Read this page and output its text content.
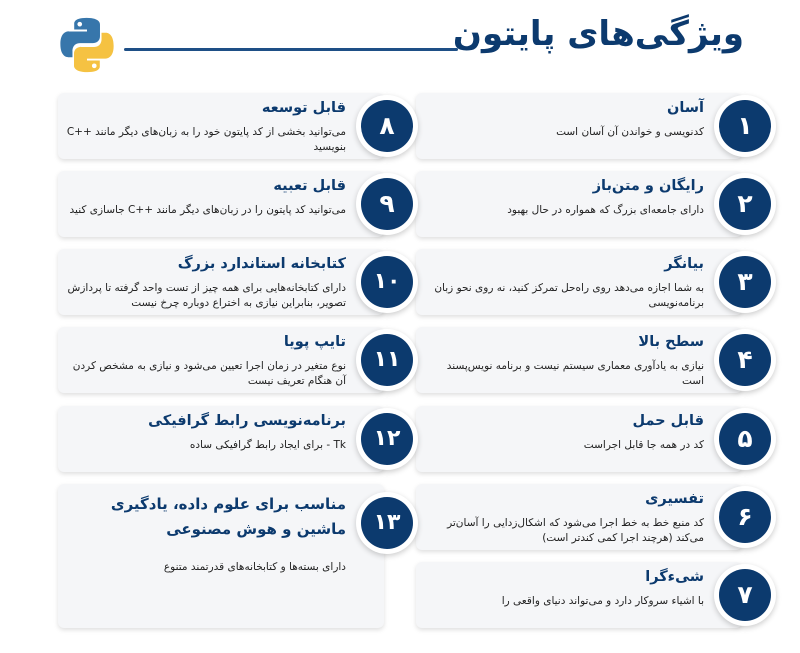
ویژگی‌های پایتون
آسان
کدنویسی و خواندن آن آسان است	۱
رایگان و متن‌باز
دارای جامعه‌ای بزرگ که همواره در حال بهبود	۲
بیانگر
به شما اجازه می‌دهد روی راه‌حل تمرکز کنید، نه روی نحو زبان برنامه‌نویسی
۳
سطح بالا
نیازی به یادآوری معماری سیستم نیست و برنامه نویس‌پسند است
۴
قابل حمل
کد در همه جا قابل اجراست	۵
تفسیری
کد منبع خط به خط اجرا می‌شود که اشکال‌زدایی را آسان‌تر می‌کند (هرچند اجرا کمی کندتر است)
۶
شیءگرا
با اشیاء سروکار دارد و می‌تواند دنیای واقعی را	۷
قابل توسعه
می‌توانید بخشی از کد پایتون خود را به زبان‌های دیگر مانند ++C بنویسید
۸
قابل تعبیه
می‌توانید کد پایتون را در زبان‌های دیگر مانند ++C جاسازی کنید	۹
کتابخانه استاندارد بزرگ
دارای کتابخانه‌هایی برای همه چیز از تست واحد گرفته تا پردازش تصویر، بنابراین نیازی به اختراع دوباره چرخ نیست
۱۰
تایپ پویا
نوع متغیر در زمان اجرا تعیین می‌شود و نیازی به مشخص کردن آن هنگام تعریف نیست
۱۱
برنامه‌نویسی رابط گرافیکی
Tk - برای ایجاد رابط گرافیکی ساده	۱۲
مناسب برای علوم داده، یادگیری ماشین و هوش مصنوعی
دارای بسته‌ها و کتابخانه‌های قدرتمند متنوع
۱۳
